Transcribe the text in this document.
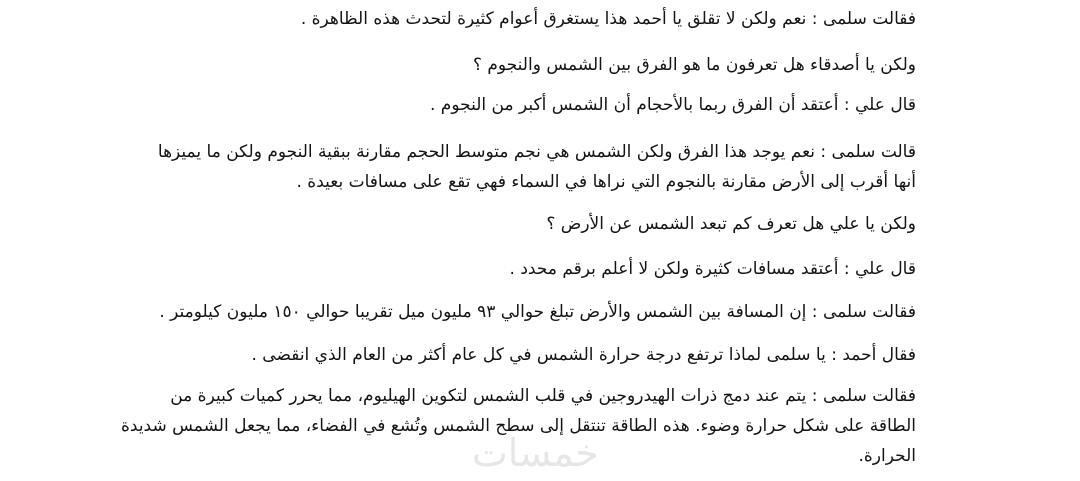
فقالت سلمى : نعم ولكن لا تقلق يا أحمد هذا يستغرق أعوام كثيرة لتحدث هذه الظاهرة .

ولكن يا أصدقاء هل تعرفون ما هو الفرق بين الشمس والنجوم ؟

قال علي : أعتقد أن الفرق ربما بالأحجام أن الشمس أكبر من النجوم .

قالت سلمى : نعم يوجد هذا الفرق ولكن الشمس هي نجم متوسط الحجم مقارنة ببقية النجوم ولكن ما يميزها

أنها أقرب إلى الأرض مقارنة بالنجوم التي نراها في السماء فهي تقع على مسافات بعيدة .

ولكن يا علي هل تعرف كم تبعد الشمس عن الأرض ؟

قال علي : أعتقد مسافات كثيرة ولكن لا أعلم برقم محدد .

فقالت سلمى : إن المسافة بين الشمس والأرض تبلغ حوالي ٩٣ مليون ميل تقريبا حوالي ١٥٠ مليون كيلومتر .

فقال أحمد : يا سلمى لماذا ترتفع درجة حرارة الشمس في كل عام أكثر من العام الذي انقضى .

فقالت سلمى : يتم عند دمج ذرات الهيدروجين في قلب الشمس لتكوين الهيليوم، مما يحرر كميات كبيرة من

الطاقة على شكل حرارة وضوء. هذه الطاقة تنتقل إلى سطح الشمس وتُشع في الفضاء، مما يجعل الشمس شديدة

الحرارة.

خمسات
